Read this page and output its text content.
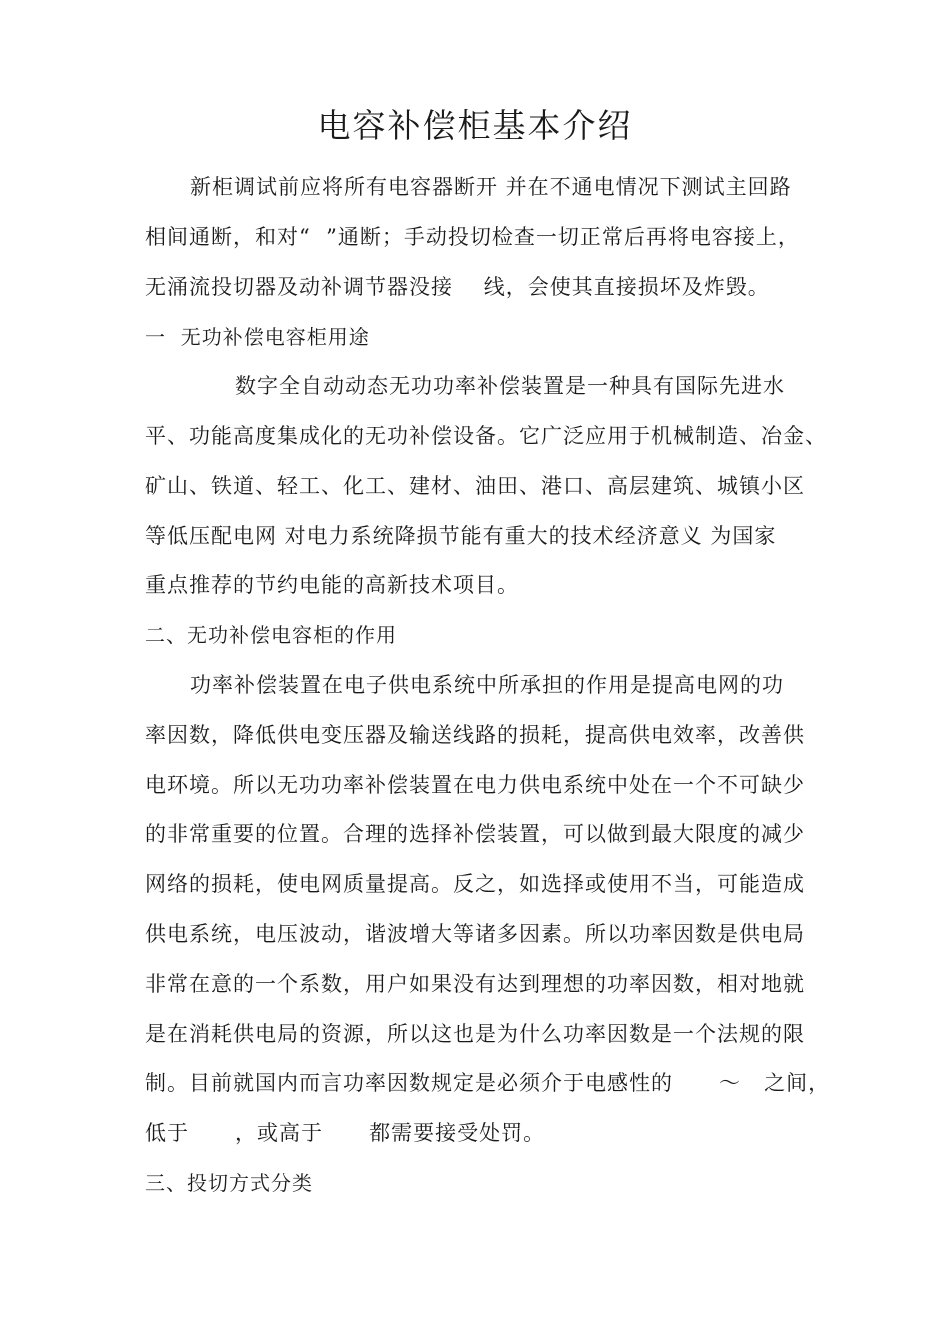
电容补偿柜基本介绍
新柜调试前应将所有电容器断开 并在不通电情况下测试主回路
相间通断，和对“  ”通断；手动投切检查一切正常后再将电容接上，
无涌流投切器及动补调节器没接    线，会使其直接损坏及炸毁。
一  无功补偿电容柜用途
数字全自动动态无功功率补偿装置是一种具有国际先进水
平、功能高度集成化的无功补偿设备。它广泛应用于机械制造、冶金、
矿山、铁道、轻工、化工、建材、油田、港口、高层建筑、城镇小区
等低压配电网 对电力系统降损节能有重大的技术经济意义 为国家
重点推荐的节约电能的高新技术项目。
二、无功补偿电容柜的作用
功率补偿装置在电子供电系统中所承担的作用是提高电网的功
率因数，降低供电变压器及输送线路的损耗，提高供电效率，改善供
电环境。所以无功功率补偿装置在电力供电系统中处在一个不可缺少
的非常重要的位置。合理的选择补偿装置，可以做到最大限度的减少
网络的损耗，使电网质量提高。反之，如选择或使用不当，可能造成
供电系统，电压波动，谐波增大等诸多因素。所以功率因数是供电局
非常在意的一个系数，用户如果没有达到理想的功率因数，相对地就
是在消耗供电局的资源，所以这也是为什么功率因数是一个法规的限
制。目前就国内而言功率因数规定是必须介于电感性的      ～   之间，
低于      ，或高于      都需要接受处罚。
三、投切方式分类
